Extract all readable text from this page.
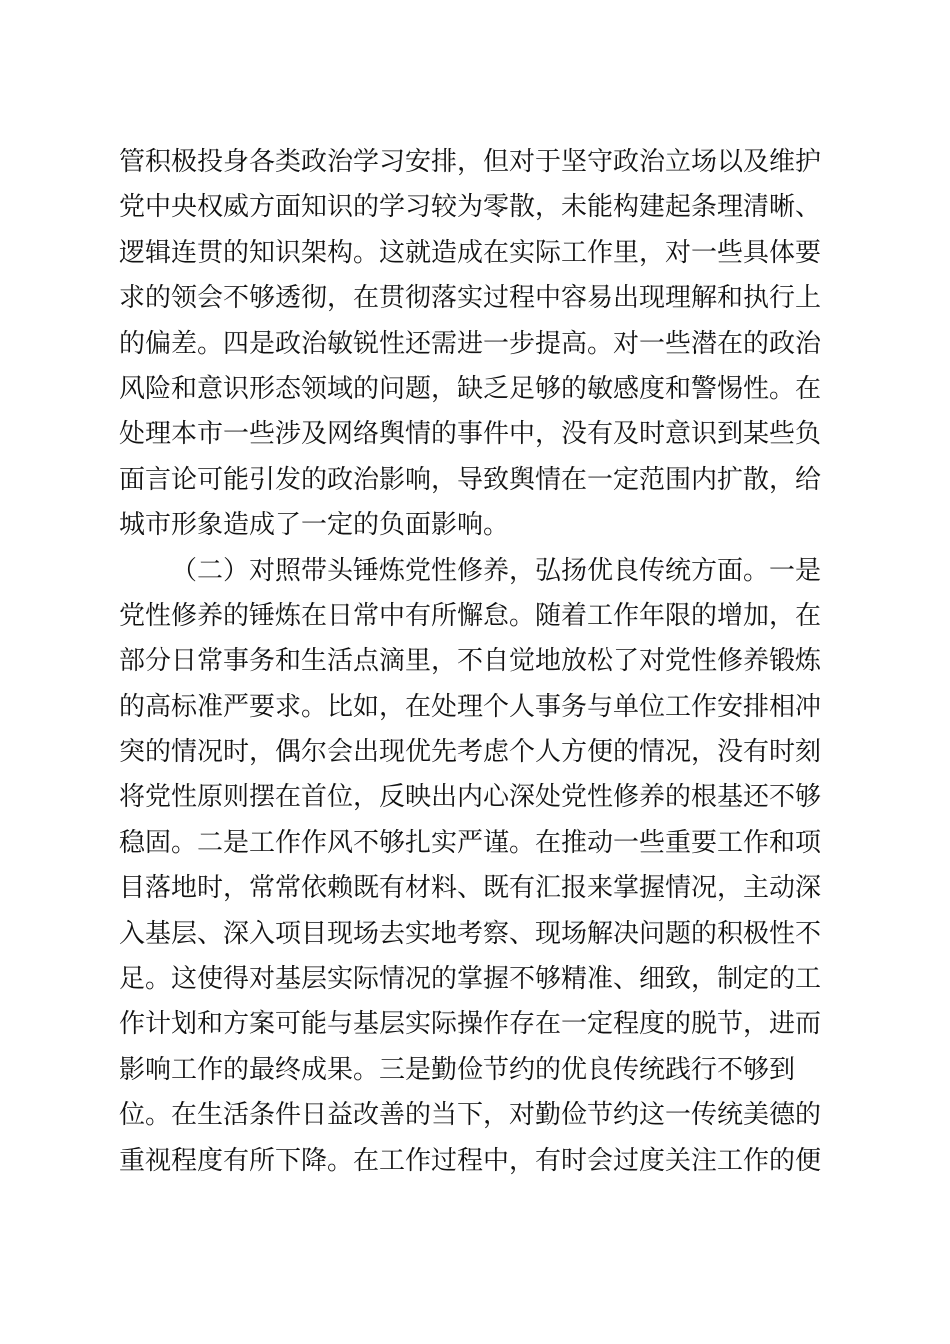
管积极投身各类政治学习安排，但对于坚守政治立场以及维护
党中央权威方面知识的学习较为零散，未能构建起条理清晰、
逻辑连贯的知识架构。这就造成在实际工作里，对一些具体要
求的领会不够透彻，在贯彻落实过程中容易出现理解和执行上
的偏差。四是政治敏锐性还需进一步提高。对一些潜在的政治
风险和意识形态领域的问题，缺乏足够的敏感度和警惕性。在
处理本市一些涉及网络舆情的事件中，没有及时意识到某些负
面言论可能引发的政治影响，导致舆情在一定范围内扩散，给
城市形象造成了一定的负面影响。
（二）对照带头锤炼党性修养，弘扬优良传统方面。一是
党性修养的锤炼在日常中有所懈怠。随着工作年限的增加，在
部分日常事务和生活点滴里，不自觉地放松了对党性修养锻炼
的高标准严要求。比如，在处理个人事务与单位工作安排相冲
突的情况时，偶尔会出现优先考虑个人方便的情况，没有时刻
将党性原则摆在首位，反映出内心深处党性修养的根基还不够
稳固。二是工作作风不够扎实严谨。在推动一些重要工作和项
目落地时，常常依赖既有材料、既有汇报来掌握情况，主动深
入基层、深入项目现场去实地考察、现场解决问题的积极性不
足。这使得对基层实际情况的掌握不够精准、细致，制定的工
作计划和方案可能与基层实际操作存在一定程度的脱节，进而
影响工作的最终成果。三是勤俭节约的优良传统践行不够到
位。在生活条件日益改善的当下，对勤俭节约这一传统美德的
重视程度有所下降。在工作过程中，有时会过度关注工作的便
